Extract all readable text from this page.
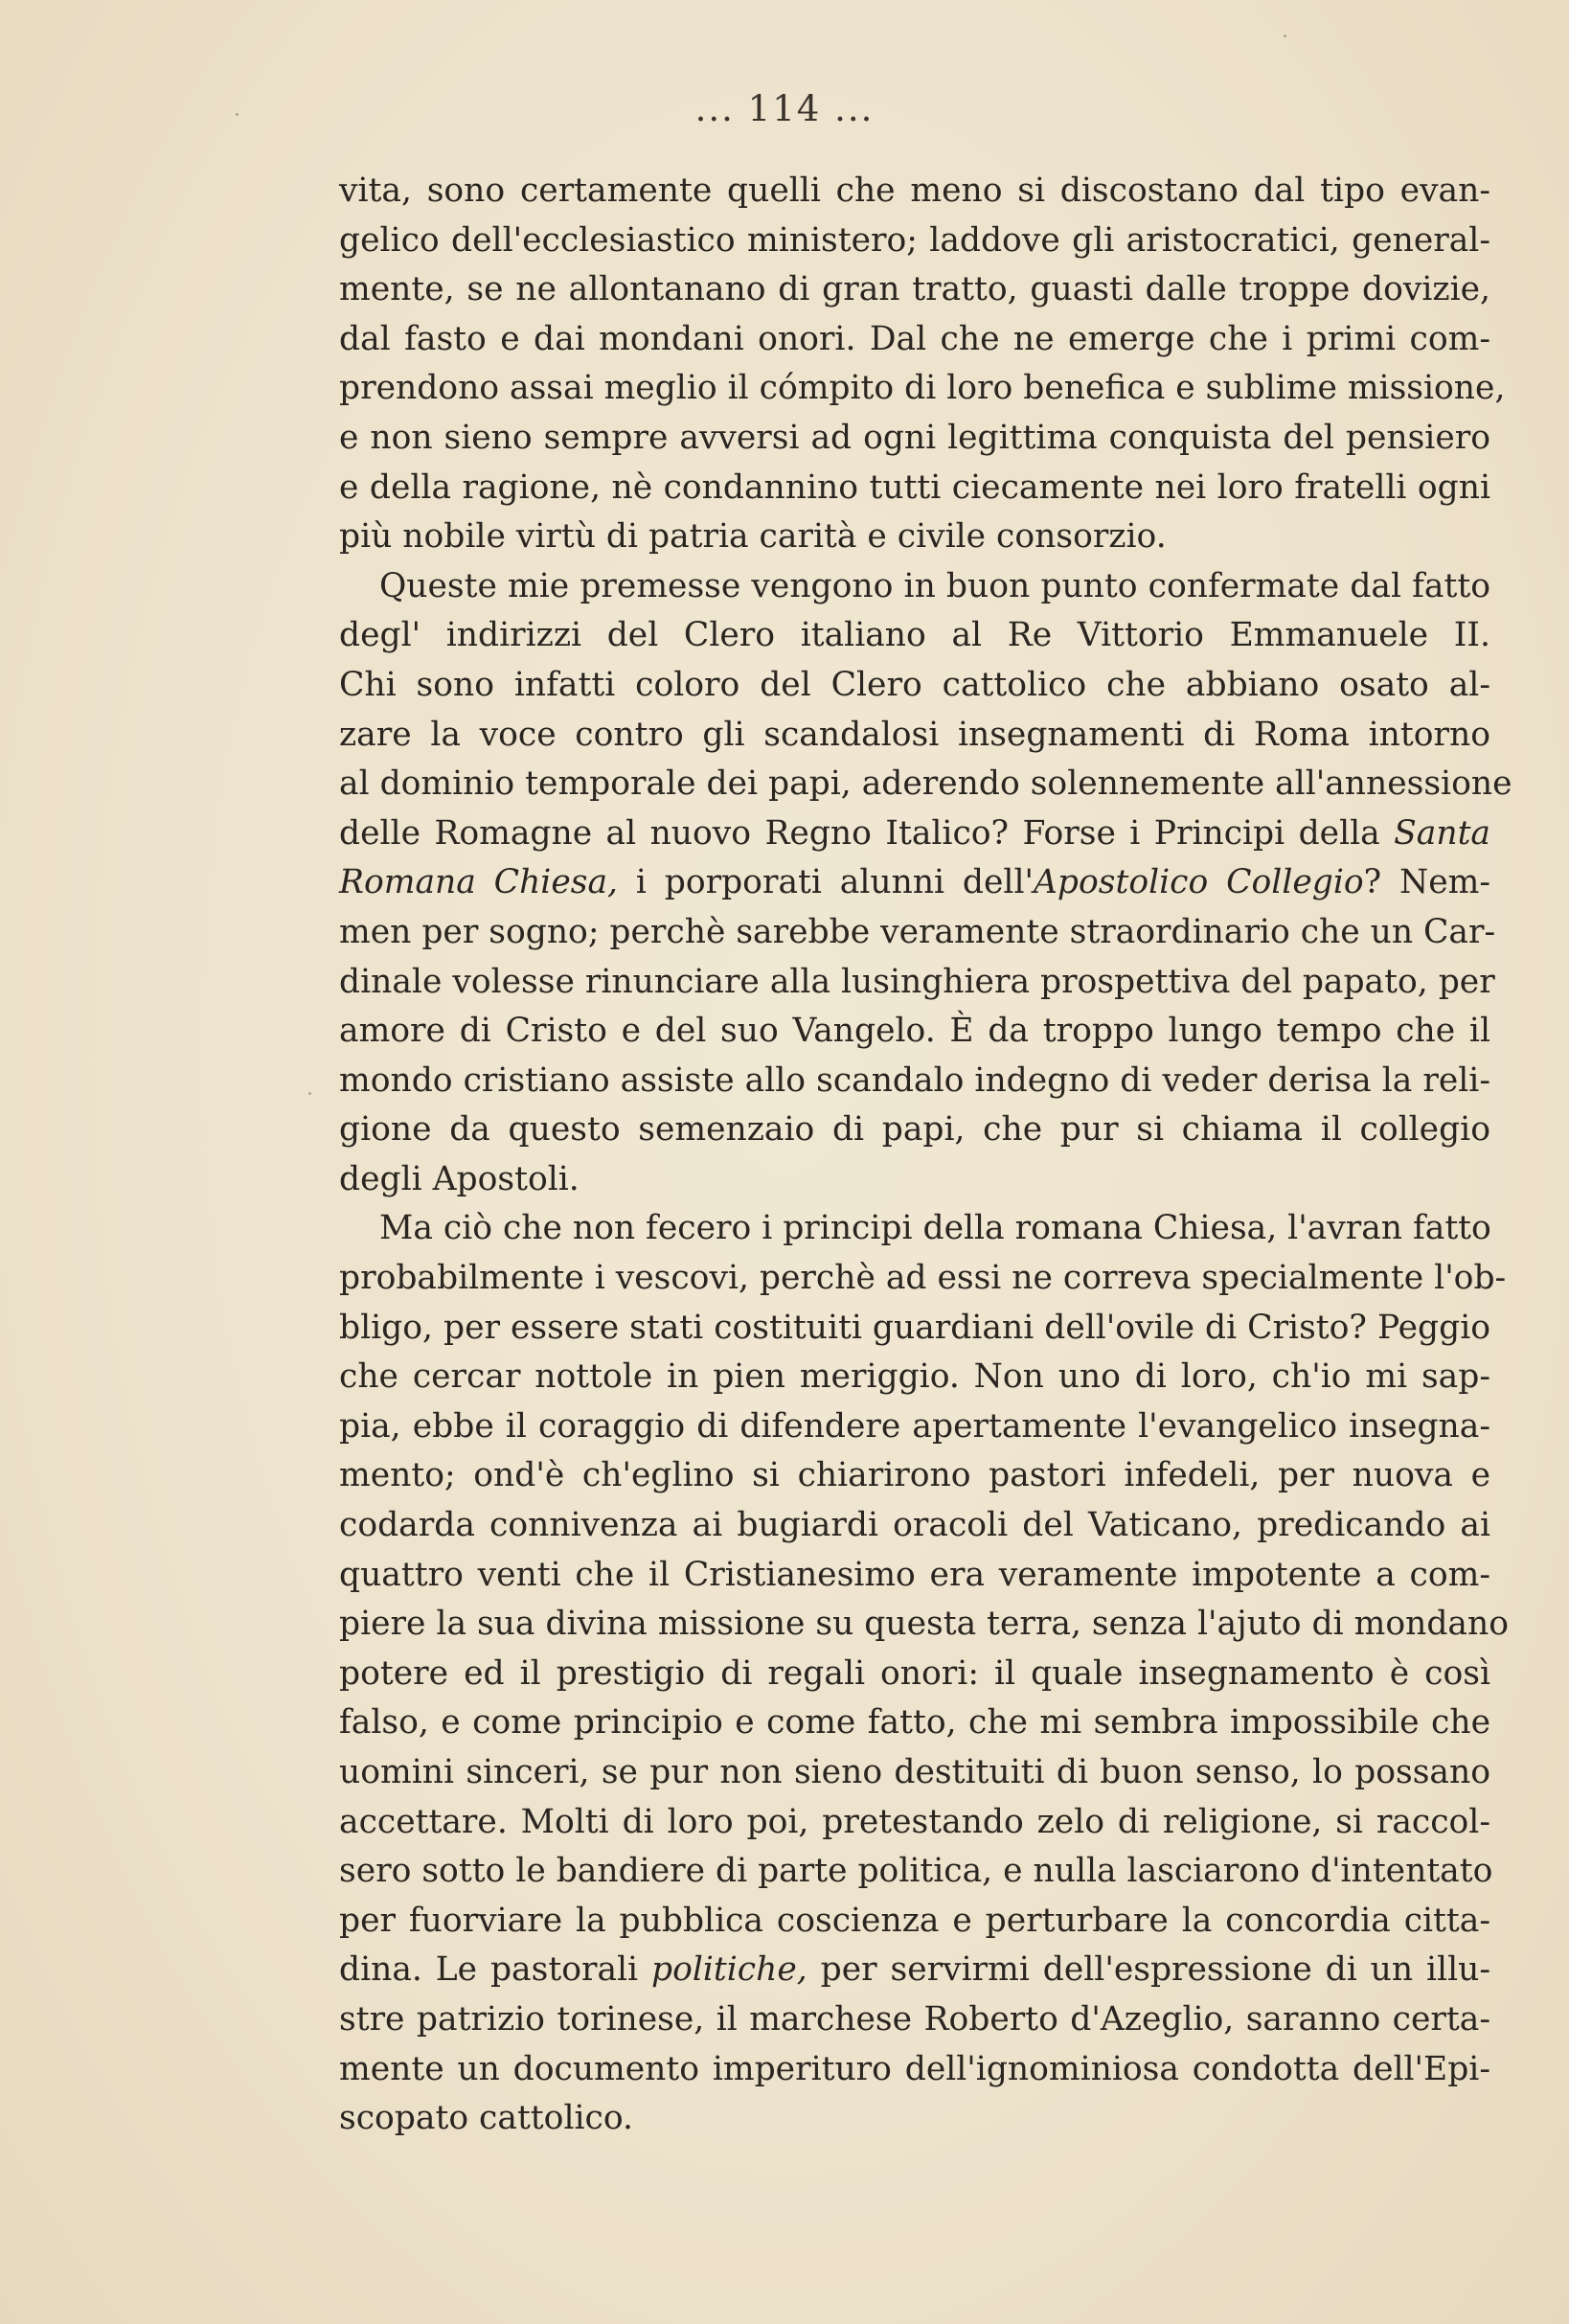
... 114 ...
vita, sono certamente quelli che meno si discostano dal tipo evan-
gelico dell'ecclesiastico ministero; laddove gli aristocratici, general-
mente, se ne allontanano di gran tratto, guasti dalle troppe dovizie,
dal fasto e dai mondani onori. Dal che ne emerge che i primi com-
prendono assai meglio il cómpito di loro benefica e sublime missione,
e non sieno sempre avversi ad ogni legittima conquista del pensiero
e della ragione, nè condannino tutti ciecamente nei loro fratelli ogni
più nobile virtù di patria carità e civile consorzio.
Queste mie premesse vengono in buon punto confermate dal fatto
degl' indirizzi del Clero italiano al Re Vittorio Emmanuele II.
Chi sono infatti coloro del Clero cattolico che abbiano osato al-
zare la voce contro gli scandalosi insegnamenti di Roma intorno
al dominio temporale dei papi, aderendo solennemente all'annessione
delle Romagne al nuovo Regno Italico? Forse i Principi della Santa
Romana Chiesa, i porporati alunni dell'Apostolico Collegio? Nem-
men per sogno; perchè sarebbe veramente straordinario che un Car-
dinale volesse rinunciare alla lusinghiera prospettiva del papato, per
amore di Cristo e del suo Vangelo. È da troppo lungo tempo che il
mondo cristiano assiste allo scandalo indegno di veder derisa la reli-
gione da questo semenzaio di papi, che pur si chiama il collegio
degli Apostoli.
Ma ciò che non fecero i principi della romana Chiesa, l'avran fatto
probabilmente i vescovi, perchè ad essi ne correva specialmente l'ob-
bligo, per essere stati costituiti guardiani dell'ovile di Cristo? Peggio
che cercar nottole in pien meriggio. Non uno di loro, ch'io mi sap-
pia, ebbe il coraggio di difendere apertamente l'evangelico insegna-
mento; ond'è ch'eglino si chiarirono pastori infedeli, per nuova e
codarda connivenza ai bugiardi oracoli del Vaticano, predicando ai
quattro venti che il Cristianesimo era veramente impotente a com-
piere la sua divina missione su questa terra, senza l'ajuto di mondano
potere ed il prestigio di regali onori: il quale insegnamento è così
falso, e come principio e come fatto, che mi sembra impossibile che
uomini sinceri, se pur non sieno destituiti di buon senso, lo possano
accettare. Molti di loro poi, pretestando zelo di religione, si raccol-
sero sotto le bandiere di parte politica, e nulla lasciarono d'intentato
per fuorviare la pubblica coscienza e perturbare la concordia citta-
dina. Le pastorali politiche, per servirmi dell'espressione di un illu-
stre patrizio torinese, il marchese Roberto d'Azeglio, saranno certa-
mente un documento imperituro dell'ignominiosa condotta dell'Epi-
scopato cattolico.
